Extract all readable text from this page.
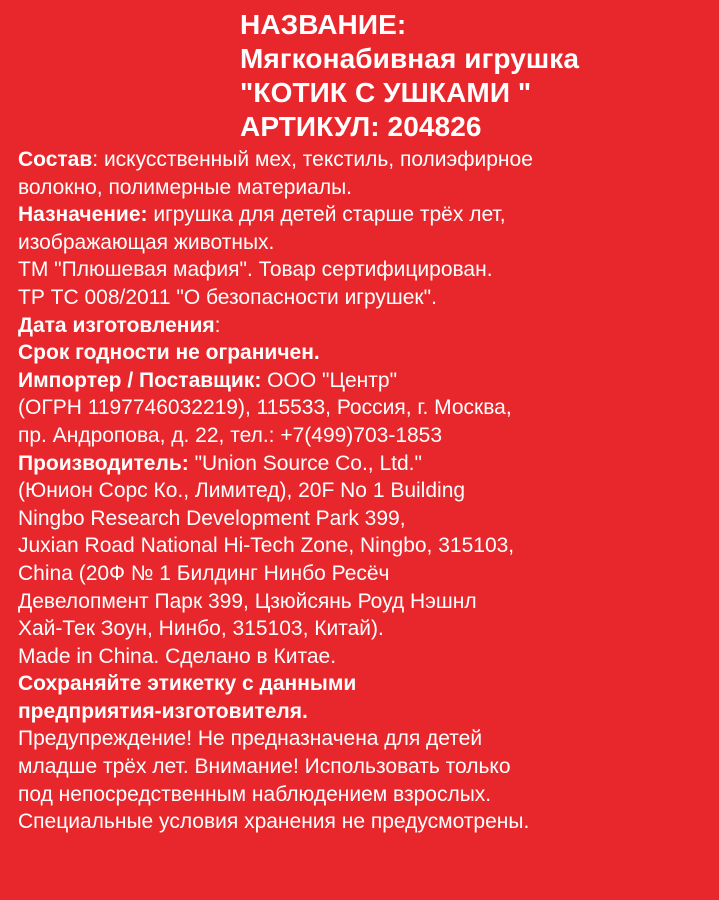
НАЗВАНИЕ:
Мягконабивная игрушка
"КОТИК С УШКАМИ "
АРТИКУЛ: 204826
Состав: искусственный мех, текстиль, полиэфирное
волокно, полимерные материалы.
Назначение: игрушка для детей старше трёх лет,
изображающая животных.
ТМ "Плюшевая мафия". Товар сертифицирован.
ТР ТС 008/2011 "О безопасности игрушек".
Дата изготовления:
Срок годности не ограничен.
Импортер / Поставщик: ООО "Центр"
(ОГРН 1197746032219), 115533, Россия, г. Москва,
пр. Андропова, д. 22, тел.: +7(499)703-1853
Производитель: "Union Source Co., Ltd."
(Юнион Сорс Ко., Лимитед), 20F No 1 Building
Ningbo Research Development Park 399,
Juxian Road National Hi-Tech Zone, Ningbo, 315103,
China (20Ф № 1 Билдинг Нинбо Ресёч
Девелопмент Парк 399, Цзюйсянь Роуд Нэшнл
Хай-Тек Зоун, Нинбо, 315103, Китай).
Made in China. Сделано в Китае.
Сохраняйте этикетку с данными
предприятия-изготовителя.
Предупреждение! Не предназначена для детей
младше трёх лет. Внимание! Использовать только
под непосредственным наблюдением взрослых.
Специальные условия хранения не предусмотрены.
